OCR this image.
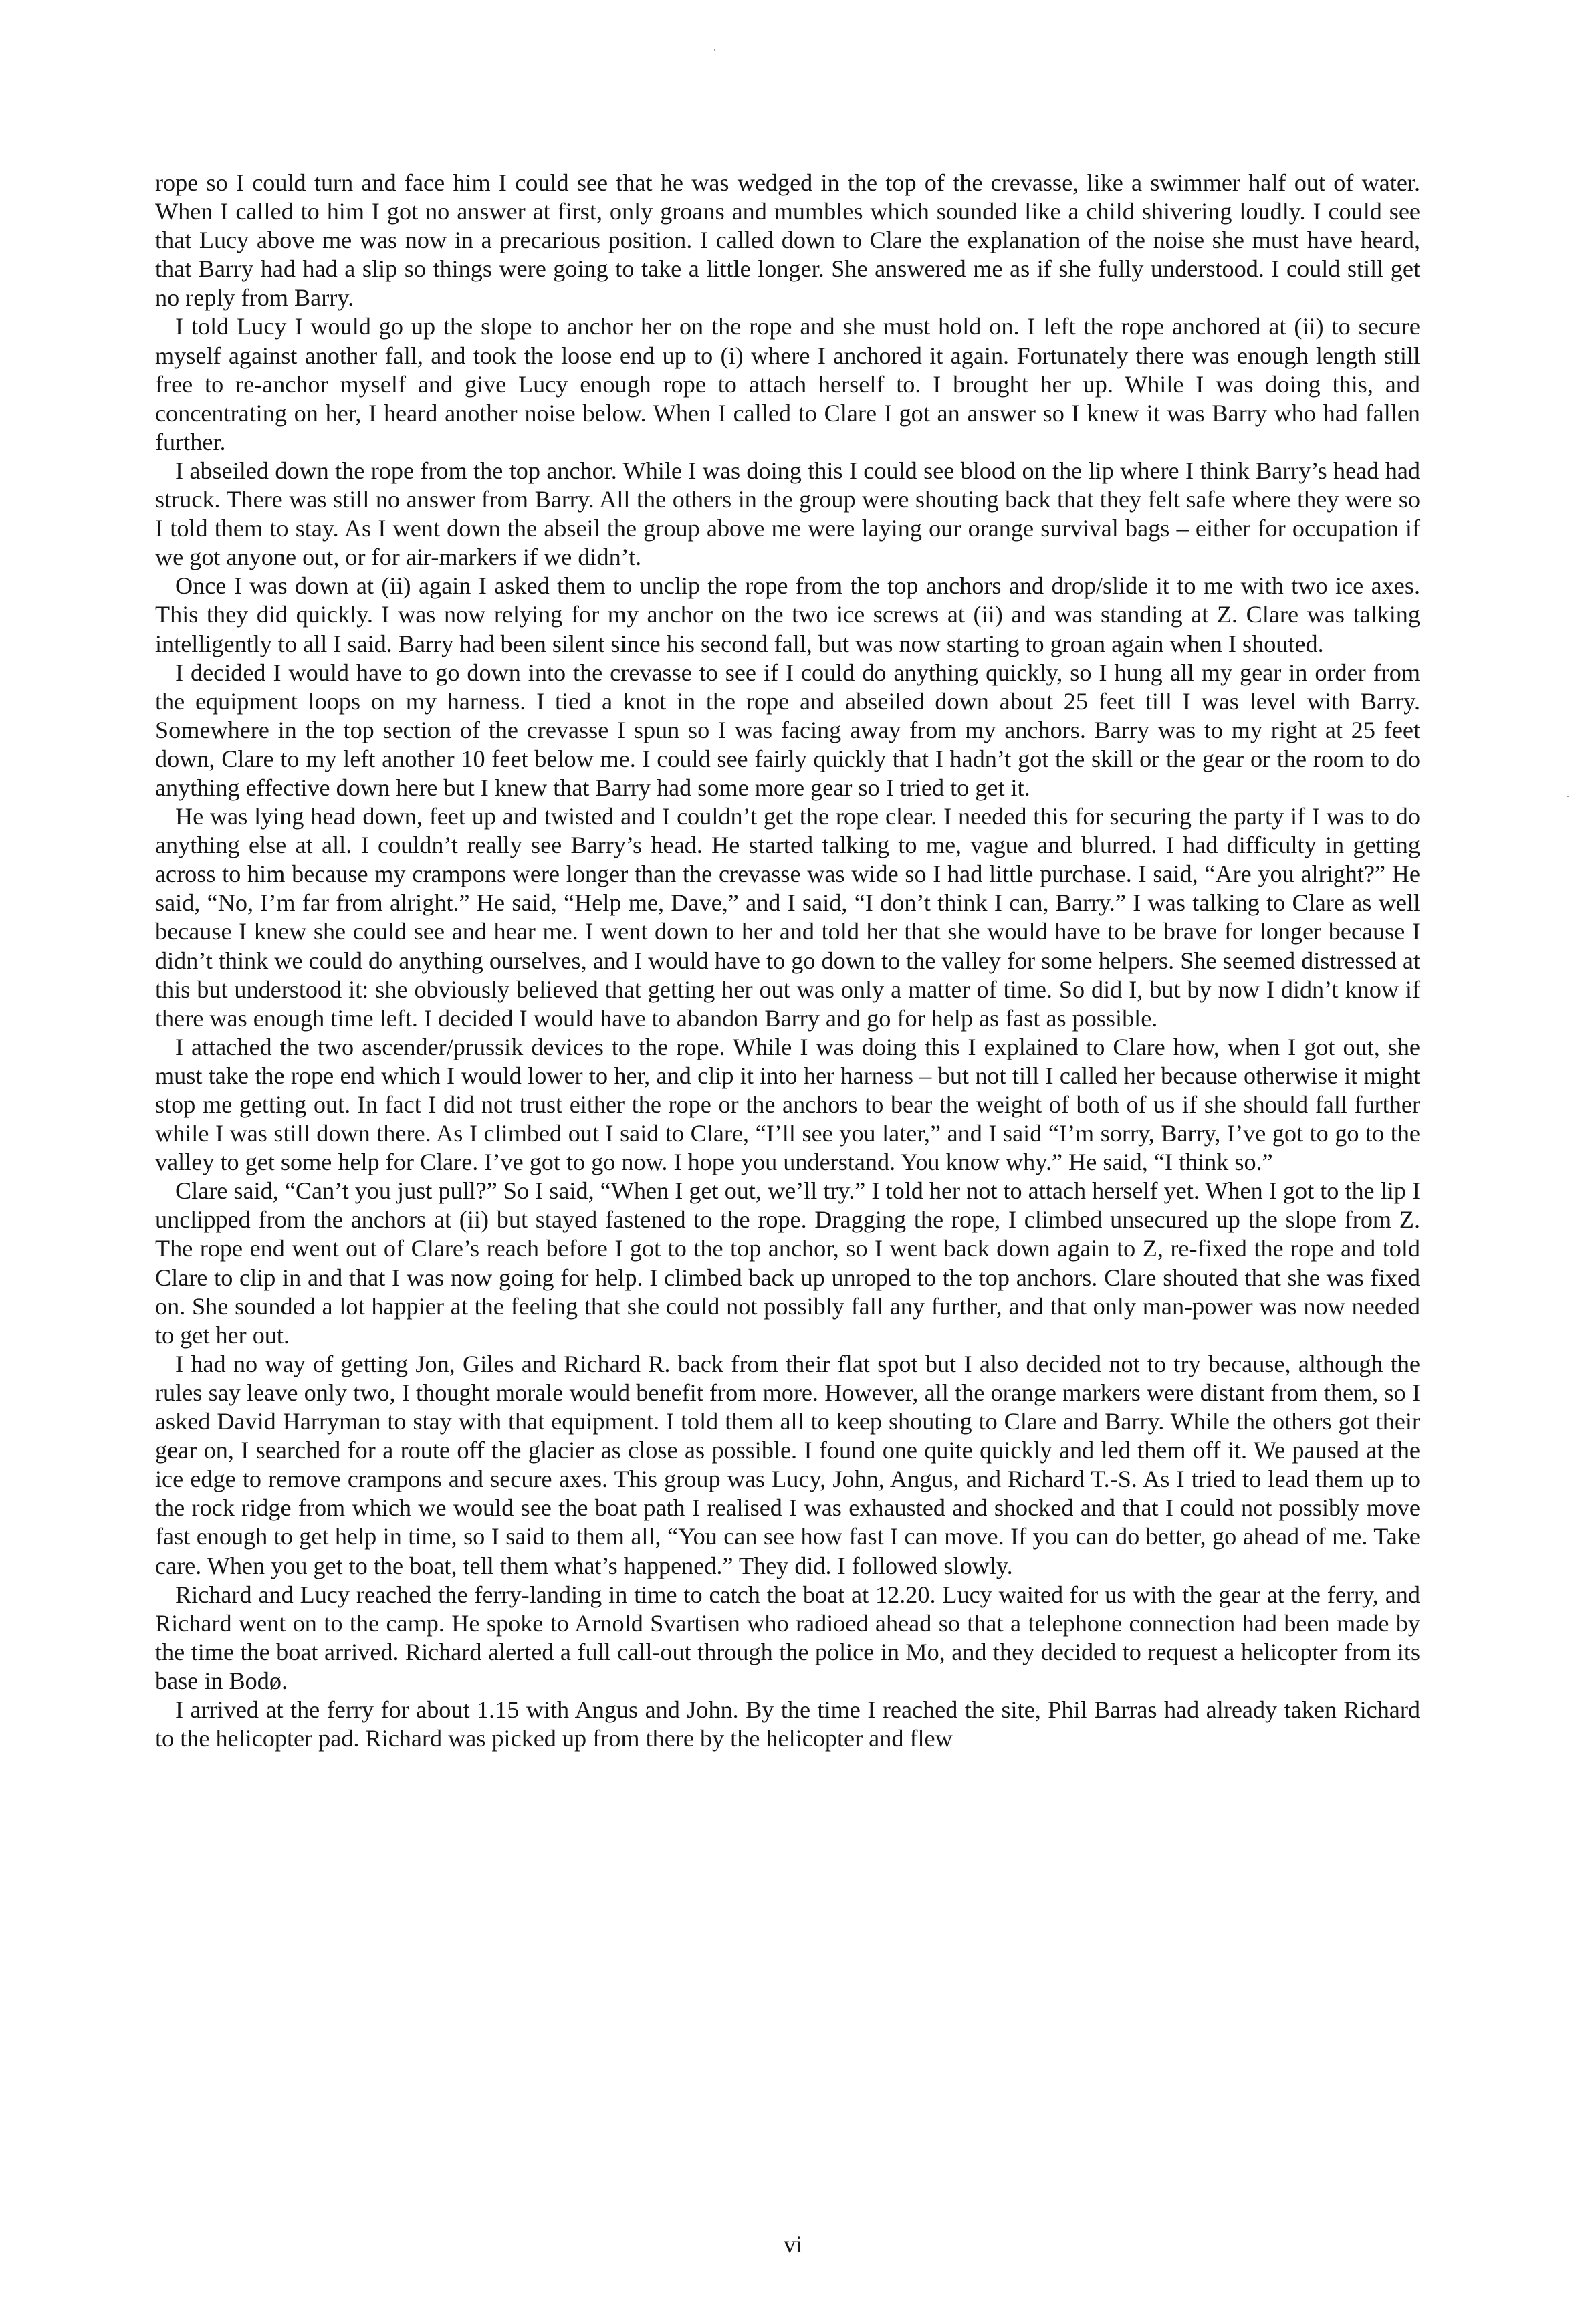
rope so I could turn and face him I could see that he was wedged in the top of the crevasse, like a swimmer half out of water. When I called to him I got no answer at first, only groans and mumbles which sounded like a child shivering loudly. I could see that Lucy above me was now in a precarious position. I called down to Clare the explanation of the noise she must have heard, that Barry had had a slip so things were going to take a little longer. She answered me as if she fully understood. I could still get no reply from Barry.

I told Lucy I would go up the slope to anchor her on the rope and she must hold on. I left the rope anchored at (ii) to secure myself against another fall, and took the loose end up to (i) where I anchored it again. Fortunately there was enough length still free to re-anchor myself and give Lucy enough rope to attach herself to. I brought her up. While I was doing this, and concentrating on her, I heard another noise below. When I called to Clare I got an answer so I knew it was Barry who had fallen further.

I abseiled down the rope from the top anchor. While I was doing this I could see blood on the lip where I think Barry’s head had struck. There was still no answer from Barry. All the others in the group were shouting back that they felt safe where they were so I told them to stay. As I went down the abseil the group above me were laying our orange survival bags – either for occupation if we got anyone out, or for air-markers if we didn’t.

Once I was down at (ii) again I asked them to unclip the rope from the top anchors and drop/slide it to me with two ice axes. This they did quickly. I was now relying for my anchor on the two ice screws at (ii) and was standing at Z. Clare was talking intelligently to all I said. Barry had been silent since his second fall, but was now starting to groan again when I shouted.

I decided I would have to go down into the crevasse to see if I could do anything quickly, so I hung all my gear in order from the equipment loops on my harness. I tied a knot in the rope and abseiled down about 25 feet till I was level with Barry. Somewhere in the top section of the crevasse I spun so I was facing away from my anchors. Barry was to my right at 25 feet down, Clare to my left another 10 feet below me. I could see fairly quickly that I hadn’t got the skill or the gear or the room to do anything effective down here but I knew that Barry had some more gear so I tried to get it.

He was lying head down, feet up and twisted and I couldn’t get the rope clear. I needed this for securing the party if I was to do anything else at all. I couldn’t really see Barry’s head. He started talking to me, vague and blurred. I had difficulty in getting across to him because my crampons were longer than the crevasse was wide so I had little purchase. I said, “Are you alright?” He said, “No, I’m far from alright.” He said, “Help me, Dave,” and I said, “I don’t think I can, Barry.” I was talking to Clare as well because I knew she could see and hear me. I went down to her and told her that she would have to be brave for longer because I didn’t think we could do anything ourselves, and I would have to go down to the valley for some helpers. She seemed distressed at this but understood it: she obviously believed that getting her out was only a matter of time. So did I, but by now I didn’t know if there was enough time left. I decided I would have to abandon Barry and go for help as fast as possible.

I attached the two ascender/prussik devices to the rope. While I was doing this I explained to Clare how, when I got out, she must take the rope end which I would lower to her, and clip it into her harness – but not till I called her because otherwise it might stop me getting out. In fact I did not trust either the rope or the anchors to bear the weight of both of us if she should fall further while I was still down there. As I climbed out I said to Clare, “I’ll see you later,” and I said “I’m sorry, Barry, I’ve got to go to the valley to get some help for Clare. I’ve got to go now. I hope you understand. You know why.” He said, “I think so.”

Clare said, “Can’t you just pull?” So I said, “When I get out, we’ll try.” I told her not to attach herself yet. When I got to the lip I unclipped from the anchors at (ii) but stayed fastened to the rope. Dragging the rope, I climbed unsecured up the slope from Z. The rope end went out of Clare’s reach before I got to the top anchor, so I went back down again to Z, re-fixed the rope and told Clare to clip in and that I was now going for help. I climbed back up unroped to the top anchors. Clare shouted that she was fixed on. She sounded a lot happier at the feeling that she could not possibly fall any further, and that only man-power was now needed to get her out.

I had no way of getting Jon, Giles and Richard R. back from their flat spot but I also decided not to try because, although the rules say leave only two, I thought morale would benefit from more. However, all the orange markers were distant from them, so I asked David Harryman to stay with that equipment. I told them all to keep shouting to Clare and Barry. While the others got their gear on, I searched for a route off the glacier as close as possible. I found one quite quickly and led them off it. We paused at the ice edge to remove crampons and secure axes. This group was Lucy, John, Angus, and Richard T.-S. As I tried to lead them up to the rock ridge from which we would see the boat path I realised I was exhausted and shocked and that I could not possibly move fast enough to get help in time, so I said to them all, “You can see how fast I can move. If you can do better, go ahead of me. Take care. When you get to the boat, tell them what’s happened.” They did. I followed slowly.

Richard and Lucy reached the ferry-landing in time to catch the boat at 12.20. Lucy waited for us with the gear at the ferry, and Richard went on to the camp. He spoke to Arnold Svartisen who radioed ahead so that a telephone connection had been made by the time the boat arrived. Richard alerted a full call-out through the police in Mo, and they decided to request a helicopter from its base in Bodø.

I arrived at the ferry for about 1.15 with Angus and John. By the time I reached the site, Phil Barras had already taken Richard to the helicopter pad. Richard was picked up from there by the helicopter and flew

vi
